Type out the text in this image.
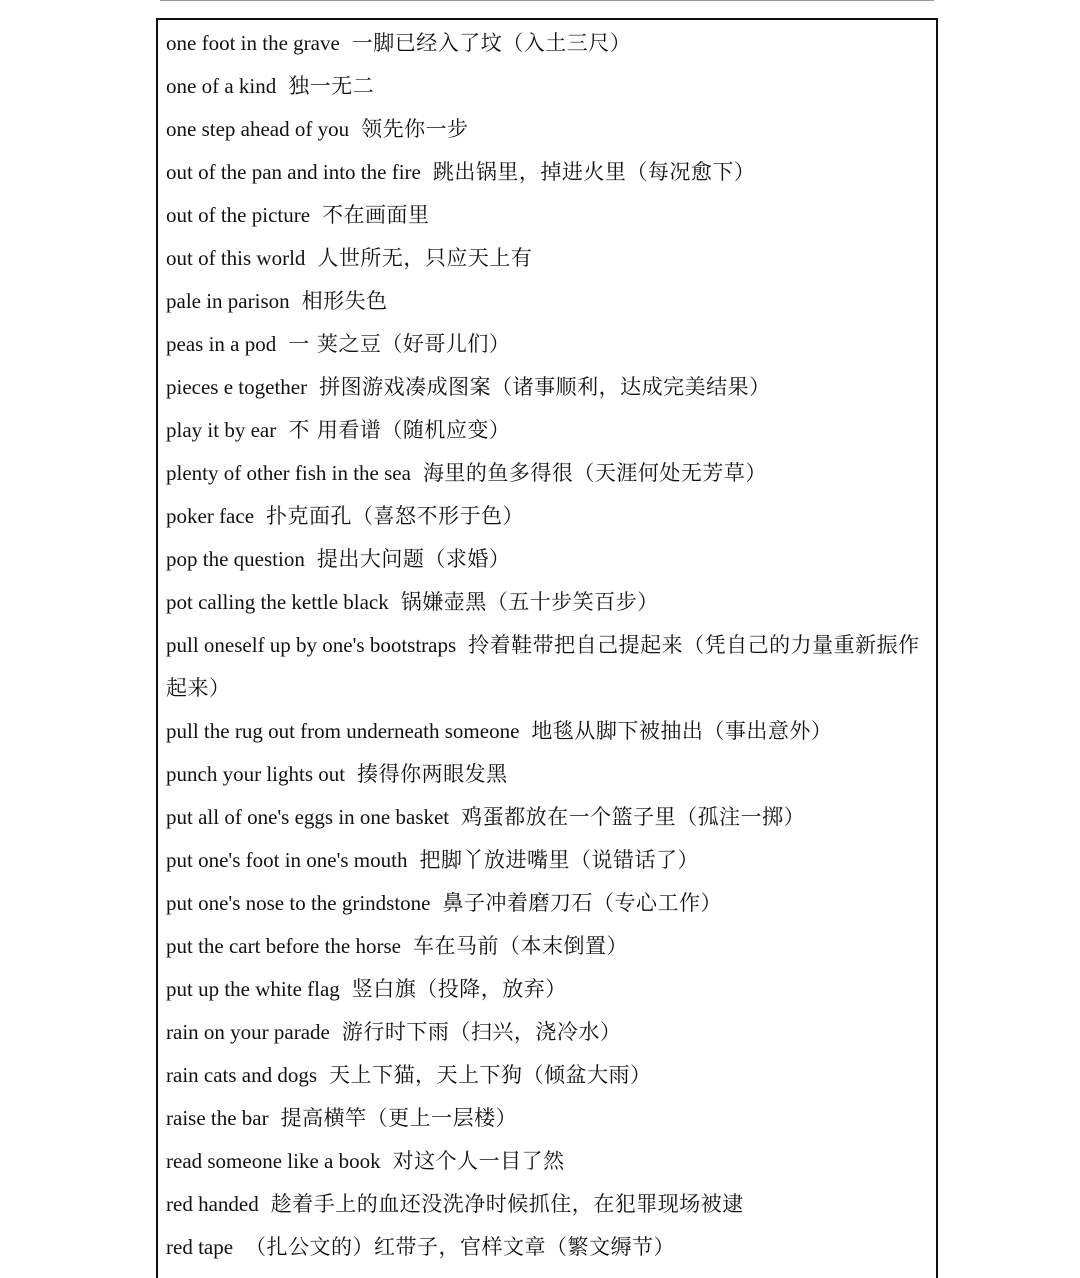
one foot in the grave 一脚已经入了坟（入土三尺）
one of a kind 独一无二
one step ahead of you 领先你一步
out of the pan and into the fire 跳出锅里，掉进火里（每况愈下）
out of the picture 不在画面里
out of this world 人世所无，只应天上有
pale in parison 相形失色
peas in a pod 一 荚之豆（好哥儿们）
pieces e together 拼图游戏凑成图案（诸事顺利，达成完美结果）
play it by ear 不 用看谱（随机应变）
plenty of other fish in the sea 海里的鱼多得很（天涯何处无芳草）
poker face 扑克面孔（喜怒不形于色）
pop the question 提出大问题（求婚）
pot calling the kettle black 锅嫌壶黑（五十步笑百步）
pull oneself up by one's bootstraps 拎着鞋带把自己提起来（凭自己的力量重新振作起来）
pull the rug out from underneath someone 地毯从脚下被抽出（事出意外）
punch your lights out 揍得你两眼发黑
put all of one's eggs in one basket 鸡蛋都放在一个篮子里（孤注一掷）
put one's foot in one's mouth 把脚丫放进嘴里（说错话了）
put one's nose to the grindstone 鼻子冲着磨刀石（专心工作）
put the cart before the horse 车在马前（本末倒置）
put up the white flag 竖白旗（投降，放弃）
rain on your parade 游行时下雨（扫兴，浇冷水）
rain cats and dogs 天上下猫，天上下狗（倾盆大雨）
raise the bar 提高横竿（更上一层楼）
read someone like a book 对这个人一目了然
red handed 趁着手上的血还没洗净时候抓住，在犯罪现场被逮
red tape （扎公文的）红带子，官样文章（繁文缛节）
